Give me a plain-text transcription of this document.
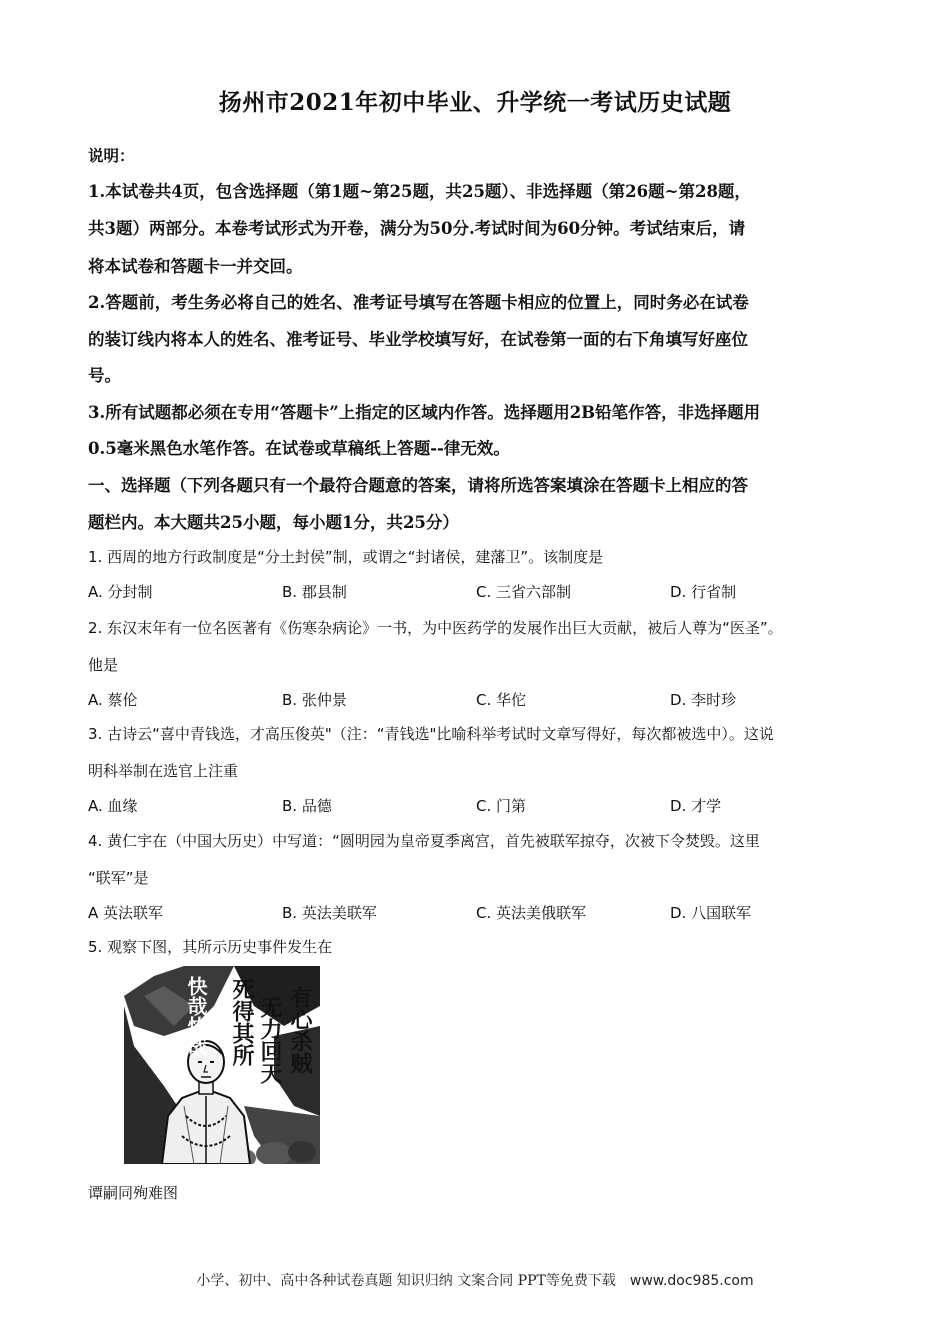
扬州市2021年初中毕业、升学统一考试历史试题
说明：
1.本试卷共4页，包含选择题（第1题~第25题，共25题）、非选择题（第26题~第28题，
共3题）两部分。本卷考试形式为开卷，满分为50分.考试时间为60分钟。考试结束后，请
将本试卷和答题卡一并交回。
2.答题前，考生务必将自己的姓名、准考证号填写在答题卡相应的位置上，同时务必在试卷
的装订线内将本人的姓名、准考证号、毕业学校填写好，在试卷第一面的右下角填写好座位
号。
3.所有试题都必须在专用“答题卡”上指定的区域内作答。选择题用2B铅笔作答，非选择题用
0.5毫米黑色水笔作答。在试卷或草稿纸上答题--律无效。
一、选择题（下列各题只有一个最符合题意的答案，请将所选答案填涂在答题卡上相应的答
题栏内。本大题共25小题，每小题1分，共25分）
1. 西周的地方行政制度是“分土封侯”制，或谓之“封诸侯，建藩卫”。该制度是
A. 分封制	B. 郡县制	C. 三省六部制	D. 行省制
2. 东汉末年有一位名医著有《伤寒杂病论》一书，为中医药学的发展作出巨大贡献，被后人尊为“医圣”。
他是
A. 蔡伦	B. 张仲景	C. 华佗	D. 李时珍
3. 古诗云“喜中青钱选，才高压俊英"（注：“青钱选"比喻科举考试时文章写得好，每次都被选中）。这说
明科举制在选官上注重
A. 血缘	B. 品德	C. 门第	D. 才学
4. 黄仁宇在（中国大历史）中写道：“圆明园为皇帝夏季离宫，首先被联军掠夺，次被下令焚毁。这里
“联军”是
A 英法联军	B. 英法美联军	C. 英法美俄联军	D. 八国联军
5. 观察下图，其所示历史事件发生在
有心杀贼
无力回天
死得其所
快哉快哉
谭嗣同殉难图
小学、初中、高中各种试卷真题 知识归纳 文案合同 PPT等免费下载 www.doc985.com
